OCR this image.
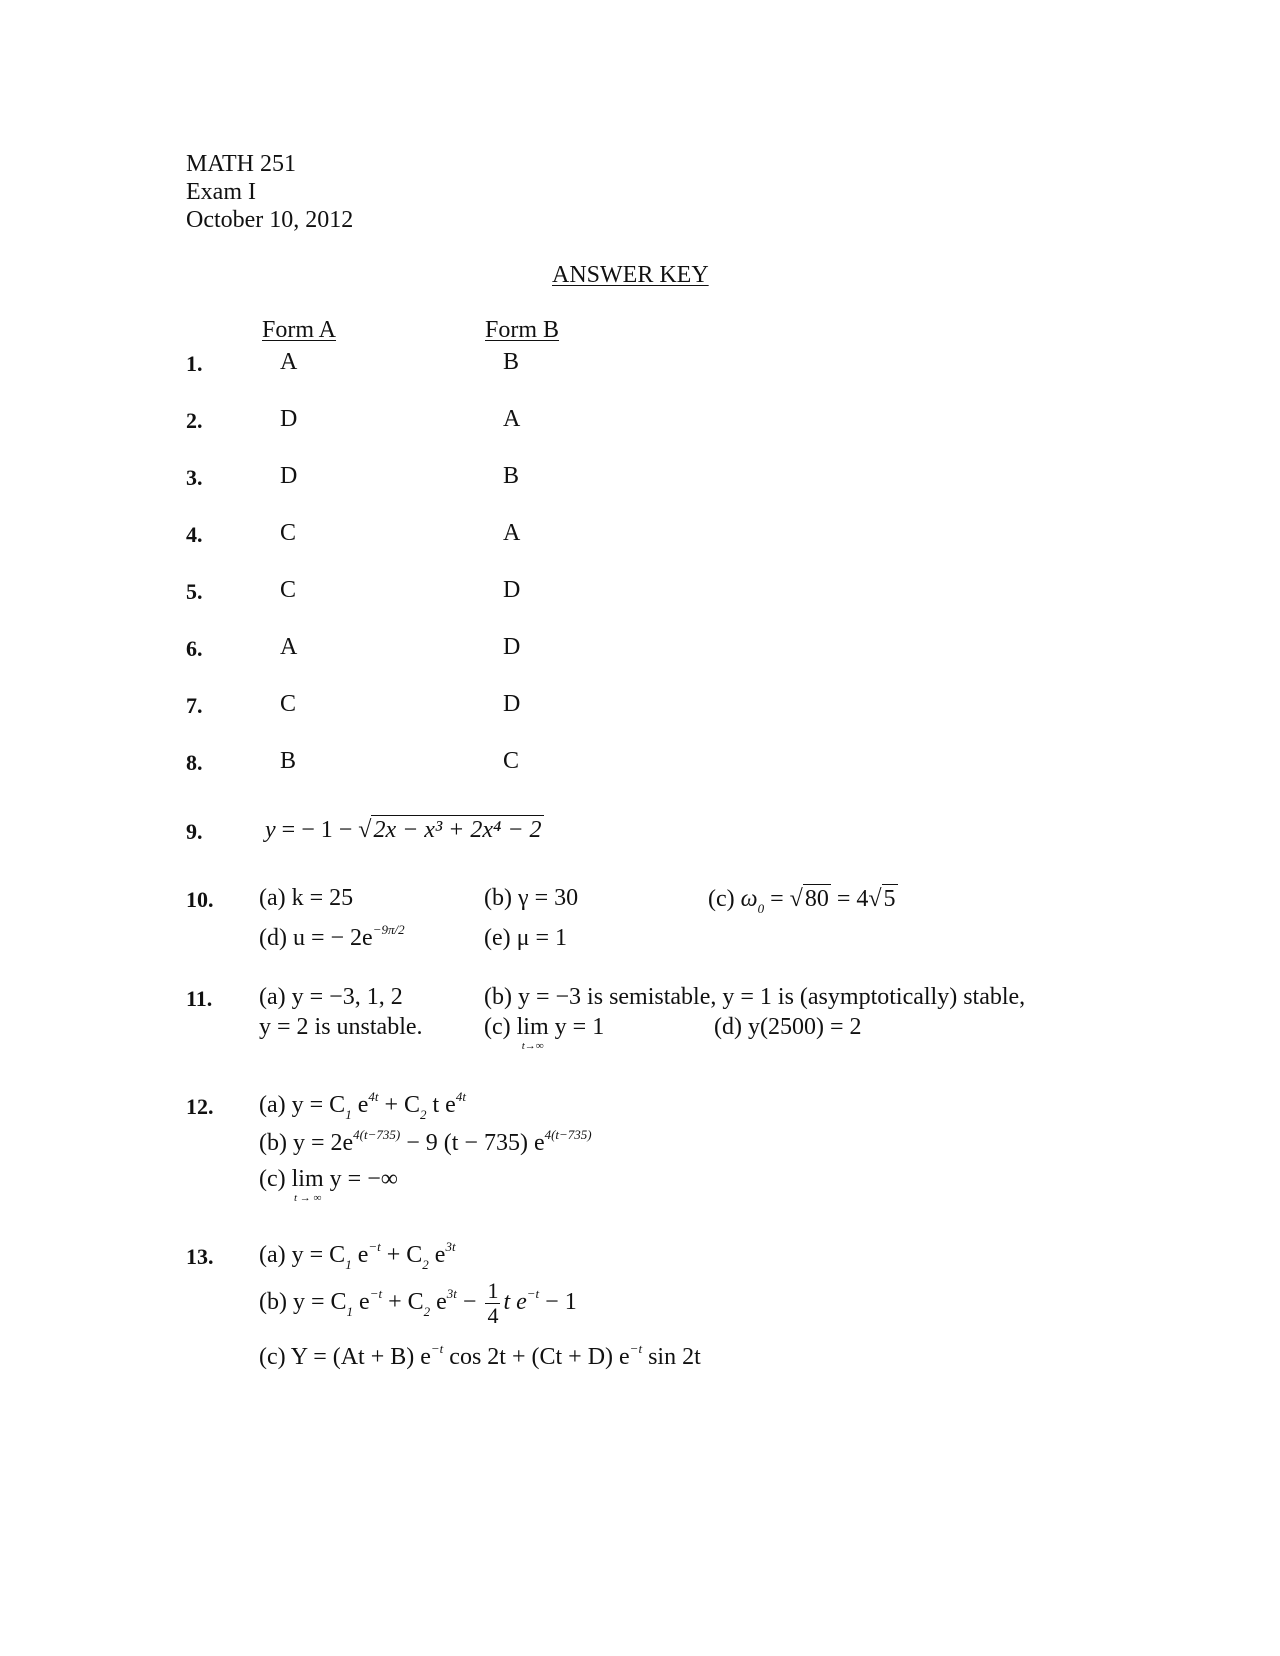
MATH 251
Exam I
October 10, 2012
ANSWER KEY
Form A	Form B
1.	A	B
2.	D	A
3.	D	B
4.	C	A
5.	C	D
6.	A	D
7.	C	D
8.	B	C
9.	y = − 1 − √2x − x³ + 2x⁴ − 2
10. (a) k = 25	(b) γ = 30	(c) $\omega_0 = √80 = 4√5$
(d) u = − $2e^{-9\pi/2}$	(e) μ = 1
11. (a) y = −3, 1, 2
y = 2 is unstable.
(b) y = −3 is semistable, y = 1 is (asymptotically) stable,
(c) lim
t→∞
y = 1	(d) y(2500) = 2
12. (a) $y = C_1$ $e^{4t} + C_2$ t $e^{4t}$
(b) $y = 2e^{4(t-735)} - 9$ (t − 735) $e^{4(t-735)}$
(c) lim
t → ∞
y = −∞
13. (a) $y = C_1$ $e^{-t} + C_2$ $e^{3t}$
(b) $y = C_1$ $e^{-t} + C_2$ $e^{3t} - \frac{1}{4}$ t $e^{-t} - 1$
(c) Y = (At + B) $e^{-t}$ cos 2t + (Ct + D) $e^{-t}$ sin 2t
